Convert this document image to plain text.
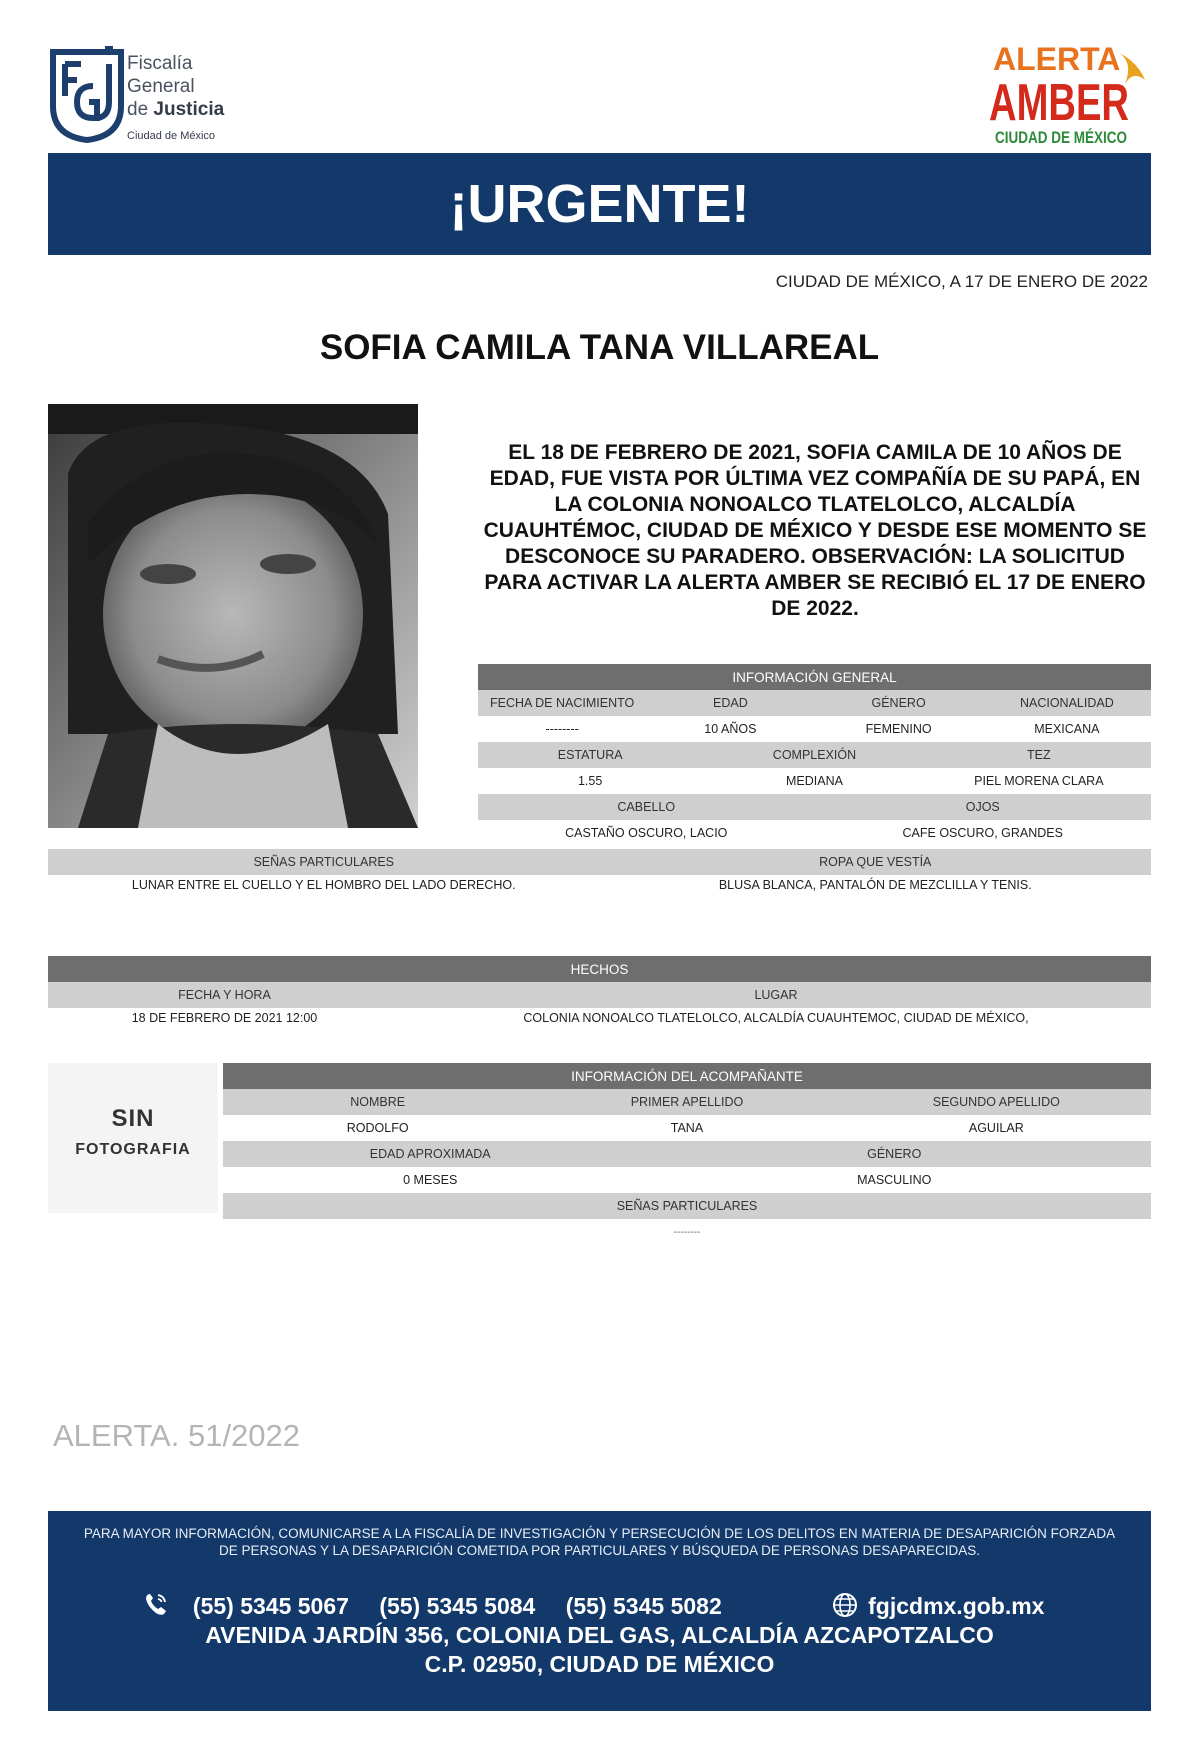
Fiscalía
General
de Justicia
Ciudad de México
ALERTA
AMBER
CIUDAD DE MÉXICO
¡URGENTE!
CIUDAD DE MÉXICO, A 17 DE ENERO DE 2022
SOFIA CAMILA TANA VILLAREAL
EL 18 DE FEBRERO DE 2021, SOFIA CAMILA DE 10 AÑOS DE EDAD, FUE VISTA POR ÚLTIMA VEZ COMPAÑÍA DE SU PAPÁ, EN LA COLONIA NONOALCO TLATELOLCO, ALCALDÍA CUAUHTÉMOC, CIUDAD DE MÉXICO Y DESDE ESE MOMENTO SE DESCONOCE SU PARADERO. OBSERVACIÓN: LA SOLICITUD PARA ACTIVAR LA ALERTA AMBER SE RECIBIÓ EL 17 DE ENERO DE 2022.
INFORMACIÓN GENERAL					
FECHA DE NACIMIENTO	EDAD		GÉNERO		NACIONALIDAD
--------	10 AÑOS		FEMENINO		MEXICANA
ESTATURA		COMPLEXIÓN		TEZ	
1.55		MEDIANA		PIEL MORENA CLARA	
CABELLO			OJOS		
CASTAÑO OSCURO, LACIO			CAFE OSCURO, GRANDES		
SEÑAS PARTICULARES	ROPA QUE VESTÍA
LUNAR ENTRE EL CUELLO Y EL HOMBRO DEL LADO DERECHO.	BLUSA BLANCA, PANTALÓN DE MEZCLILLA Y TENIS.
HECHOS	
FECHA Y HORA	LUGAR
18 DE FEBRERO DE 2021 12:00	COLONIA NONOALCO TLATELOLCO, ALCALDÍA CUAUHTEMOC, CIUDAD DE MÉXICO,
SIN
FOTOGRAFIA
INFORMACIÓN DEL ACOMPAÑANTE			
NOMBRE	PRIMER APELLIDO		SEGUNDO APELLIDO
RODOLFO	TANA		AGUILAR
EDAD APROXIMADA		GÉNERO	
0 MESES		MASCULINO	
SEÑAS PARTICULARES			
--------			
ALERTA. 51/2022
PARA MAYOR INFORMACIÓN, COMUNICARSE A LA FISCALÍA DE INVESTIGACIÓN Y PERSECUCIÓN DE LOS DELITOS EN MATERIA DE DESAPARICIÓN FORZADA DE PERSONAS Y LA DESAPARICIÓN COMETIDA POR PARTICULARES Y BÚSQUEDA DE PERSONAS DESAPARECIDAS.
(55) 5345 5067 (55) 5345 5084 (55) 5345 5082	fgjcdmx.gob.mx
AVENIDA JARDÍN 356, COLONIA DEL GAS, ALCALDÍA AZCAPOTZALCO
C.P. 02950, CIUDAD DE MÉXICO
